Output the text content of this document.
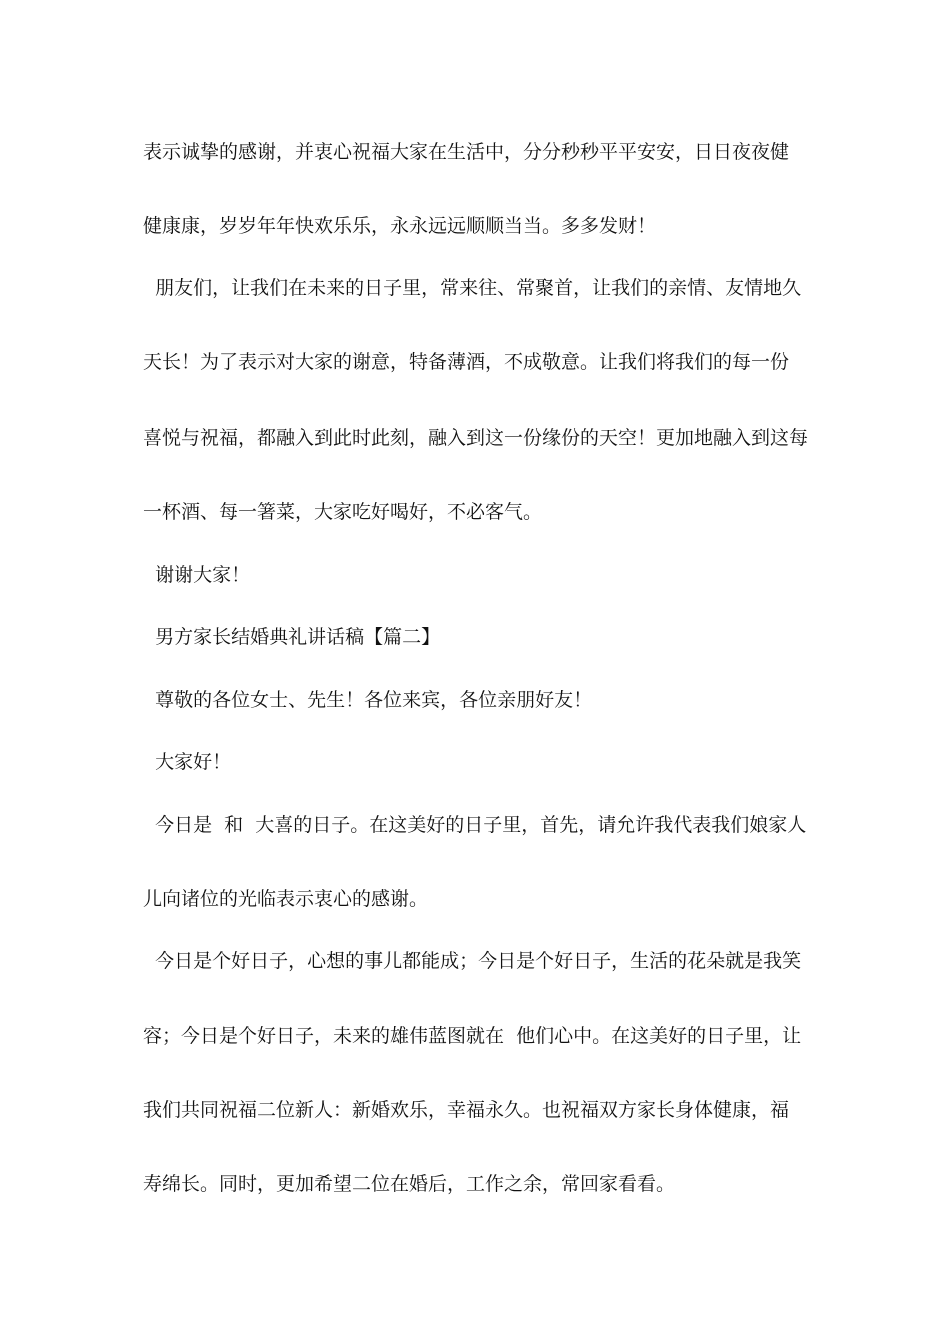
表示诚挚的感谢，并衷心祝福大家在生活中，分分秒秒平平安安，日日夜夜健
健康康，岁岁年年快欢乐乐，永永远远顺顺当当。多多发财！
朋友们，让我们在未来的日子里，常来往、常聚首，让我们的亲情、友情地久
天长！为了表示对大家的谢意，特备薄酒，不成敬意。让我们将我们的每一份
喜悦与祝福，都融入到此时此刻，融入到这一份缘份的天空！更加地融入到这每
一杯酒、每一箸菜，大家吃好喝好，不必客气。
谢谢大家！
男方家长结婚典礼讲话稿【篇二】
尊敬的各位女士、先生！各位来宾，各位亲朋好友！
大家好！
今日是  和  大喜的日子。在这美好的日子里，首先，请允许我代表我们娘家人
儿向诸位的光临表示衷心的感谢。
今日是个好日子，心想的事儿都能成；今日是个好日子，生活的花朵就是我笑
容；今日是个好日子，未来的雄伟蓝图就在  他们心中。在这美好的日子里，让
我们共同祝福二位新人：新婚欢乐，幸福永久。也祝福双方家长身体健康，福
寿绵长。同时，更加希望二位在婚后，工作之余，常回家看看。
